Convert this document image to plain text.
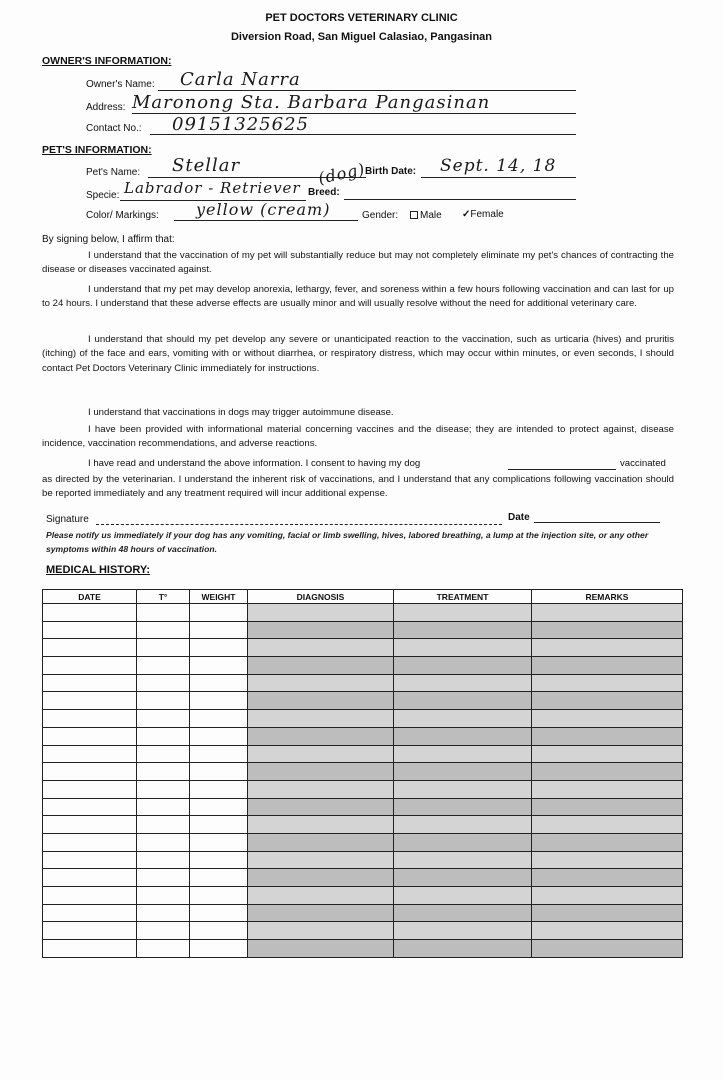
PET DOCTORS VETERINARY CLINIC
Diversion Road, San Miguel Calasiao, Pangasinan
OWNER'S INFORMATION:
Owner's Name: Carla Narra
Address: Maronong Sta. Barbara Pangasinan
Contact No.: 09151325625
PET'S INFORMATION:
Pet's Name: Stellar	Birth Date: Sept. 14, 18
Specie: Labrador - Retriever
(dog)
Breed:
Color/ Markings: yellow (cream)	Gender:	Male ✓Female
By signing below, I affirm that:
I understand that the vaccination of my pet will substantially reduce but may not completely eliminate my pet's chances of contracting the disease or diseases vaccinated against.
I understand that my pet may develop anorexia, lethargy, fever, and soreness within a few hours following vaccination and can last for up to 24 hours. I understand that these adverse effects are usually minor and will usually resolve without the need for additional veterinary care.
I understand that should my pet develop any severe or unanticipated reaction to the vaccination, such as urticaria (hives) and pruritis (itching) of the face and ears, vomiting with or without diarrhea, or respiratory distress, which may occur within minutes, or even seconds, I should contact Pet Doctors Veterinary Clinic immediately for instructions.
I understand that vaccinations in dogs may trigger autoimmune disease.
I have been provided with informational material concerning vaccines and the disease; they are intended to protect against, disease incidence, vaccination recommendations, and adverse reactions.
I have read and understand the above information. I consent to having my dog	vaccinated
as directed by the veterinarian. I understand the inherent risk of vaccinations, and I understand that any complications following vaccination should be reported immediately and any treatment required will incur additional expense.
Signature	Date
Please notify us immediately if your dog has any vomiting, facial or limb swelling, hives, labored breathing, a lump at the injection site, or any other symptoms within 48 hours of vaccination.
MEDICAL HISTORY:
DATE	T°	WEIGHT	DIAGNOSIS	TREATMENT	REMARKS
